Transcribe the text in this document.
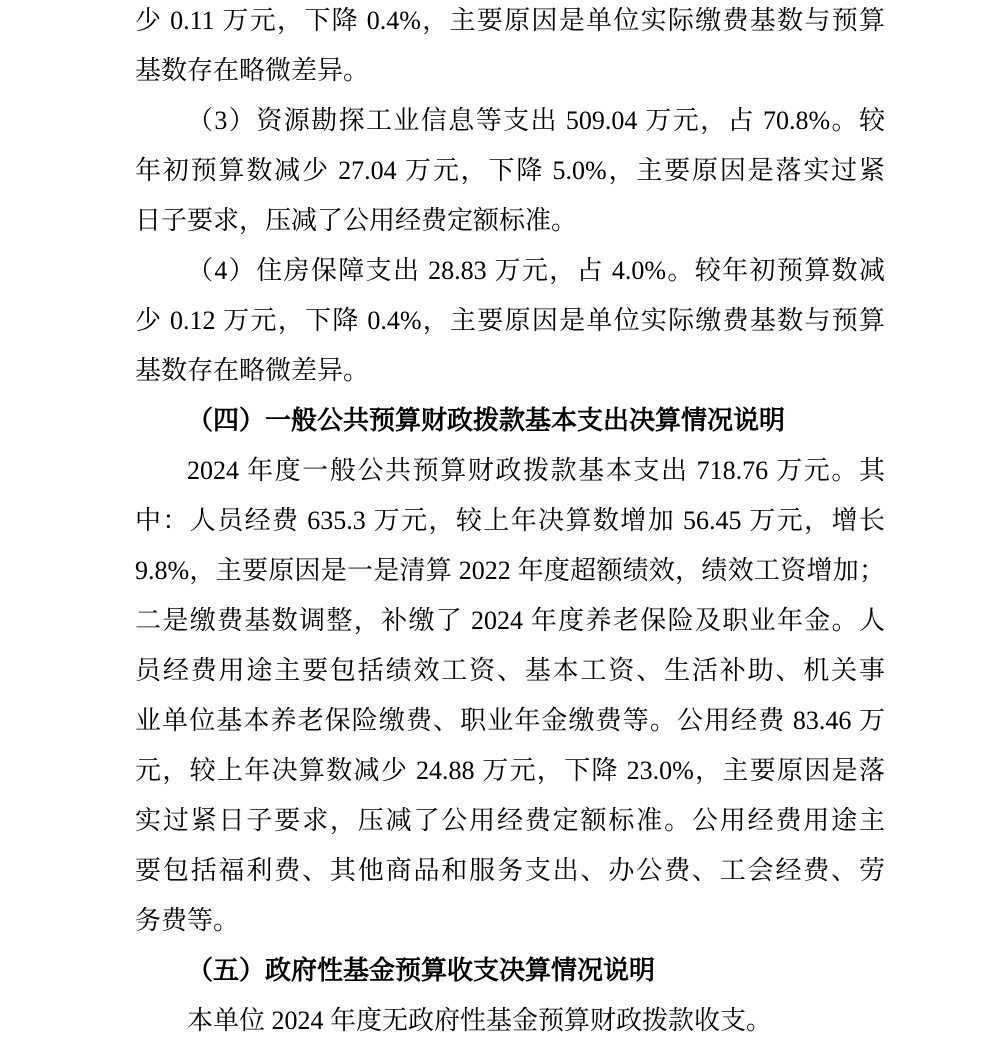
少 0.11 万元，下降 0.4%，主要原因是单位实际缴费基数与预算
基数存在略微差异。
（3）资源勘探工业信息等支出 509.04 万元，占 70.8%。较
年初预算数减少 27.04 万元，下降 5.0%，主要原因是落实过紧
日子要求，压减了公用经费定额标准。
（4）住房保障支出 28.83 万元，占 4.0%。较年初预算数减
少 0.12 万元，下降 0.4%，主要原因是单位实际缴费基数与预算
基数存在略微差异。
（四）一般公共预算财政拨款基本支出决算情况说明
2024 年度一般公共预算财政拨款基本支出 718.76 万元。其
中：人员经费 635.3 万元，较上年决算数增加 56.45 万元，增长
9.8%，主要原因是一是清算 2022 年度超额绩效，绩效工资增加；
二是缴费基数调整，补缴了 2024 年度养老保险及职业年金。人
员经费用途主要包括绩效工资、基本工资、生活补助、机关事
业单位基本养老保险缴费、职业年金缴费等。公用经费 83.46 万
元，较上年决算数减少 24.88 万元，下降 23.0%，主要原因是落
实过紧日子要求，压减了公用经费定额标准。公用经费用途主
要包括福利费、其他商品和服务支出、办公费、工会经费、劳
务费等。
（五）政府性基金预算收支决算情况说明
本单位 2024 年度无政府性基金预算财政拨款收支。
